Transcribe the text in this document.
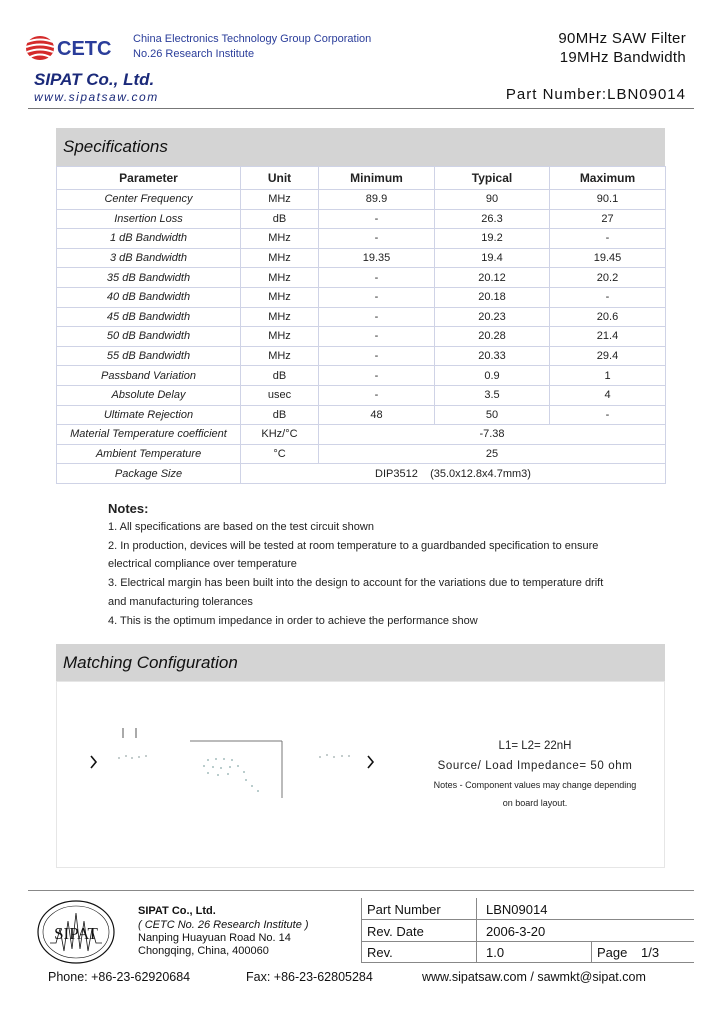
CETC China Electronics Technology Group Corporation
No.26 Research Institute
SIPAT Co., Ltd.
www.sipatsaw.com
90MHz SAW Filter
19MHz Bandwidth
Part Number:LBN09014
Specifications
Parameter	Unit	Minimum	Typical	Maximum
Center Frequency	MHz	89.9	90	90.1
Insertion Loss	dB	-	26.3	27
1 dB Bandwidth	MHz	-	19.2	-
3 dB Bandwidth	MHz	19.35	19.4	19.45
35 dB Bandwidth	MHz	-	20.12	20.2
40 dB Bandwidth	MHz	-	20.18	-
45 dB Bandwidth	MHz	-	20.23	20.6
50 dB Bandwidth	MHz	-	20.28	21.4
55 dB Bandwidth	MHz	-	20.33	29.4
Passband Variation	dB	-	0.9	1
Absolute Delay	usec	-	3.5	4
Ultimate Rejection	dB	48	50	-
Material Temperature coefficient	KHz/°C	-7.38		
Ambient Temperature	°C	25		
Package Size	DIP3512    (35.0x12.8x4.7mm3)			
Notes:
1. All specifications are based on the test circuit shown
2. In production, devices will be tested at room temperature to a guardbanded specification to ensure
electrical compliance over temperature
3. Electrical margin has been built into the design to account for the variations due to temperature drift
and manufacturing tolerances
4. This is the optimum impedance in order to achieve the performance show
Matching Configuration
L1= L2= 22nH
Source/ Load Impedance= 50 ohm
Notes - Component values may change depending
on board layout.
SIPAT
SIPAT Co., Ltd.
( CETC No. 26 Research Institute )
Nanping Huayuan Road No. 14
Chongqing, China, 400060
Part Number	LBN09014
Rev. Date	2006-3-20
Rev.	1.0	Page 1/3
Phone: +86-23-62920684	Fax: +86-23-62805284	www.sipatsaw.com / sawmkt@sipat.com
